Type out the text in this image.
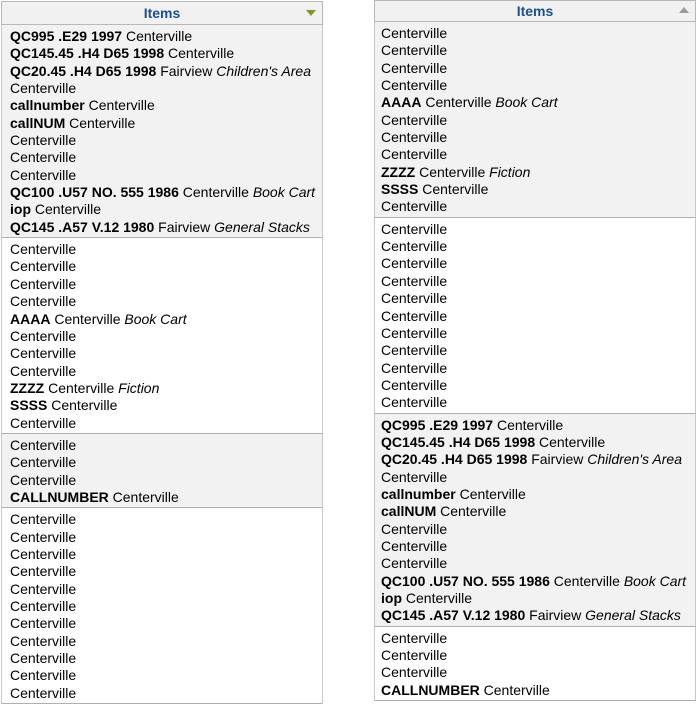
Items
QC995 .E29 1997 Centerville
QC145.45 .H4 D65 1998 Centerville
QC20.45 .H4 D65 1998 Fairview Children's Area
Centerville
callnumber Centerville
callNUM Centerville
Centerville
Centerville
Centerville
QC100 .U57 NO. 555 1986 Centerville Book Cart
iop Centerville
QC145 .A57 V.12 1980 Fairview General Stacks
Centerville
Centerville
Centerville
Centerville
AAAA Centerville Book Cart
Centerville
Centerville
Centerville
ZZZZ Centerville Fiction
SSSS Centerville
Centerville
Centerville
Centerville
Centerville
CALLNUMBER Centerville
Centerville
Centerville
Centerville
Centerville
Centerville
Centerville
Centerville
Centerville
Centerville
Centerville
Centerville
Items
Centerville
Centerville
Centerville
Centerville
AAAA Centerville Book Cart
Centerville
Centerville
Centerville
ZZZZ Centerville Fiction
SSSS Centerville
Centerville
Centerville
Centerville
Centerville
Centerville
Centerville
Centerville
Centerville
Centerville
Centerville
Centerville
Centerville
QC995 .E29 1997 Centerville
QC145.45 .H4 D65 1998 Centerville
QC20.45 .H4 D65 1998 Fairview Children's Area
Centerville
callnumber Centerville
callNUM Centerville
Centerville
Centerville
Centerville
QC100 .U57 NO. 555 1986 Centerville Book Cart
iop Centerville
QC145 .A57 V.12 1980 Fairview General Stacks
Centerville
Centerville
Centerville
CALLNUMBER Centerville
